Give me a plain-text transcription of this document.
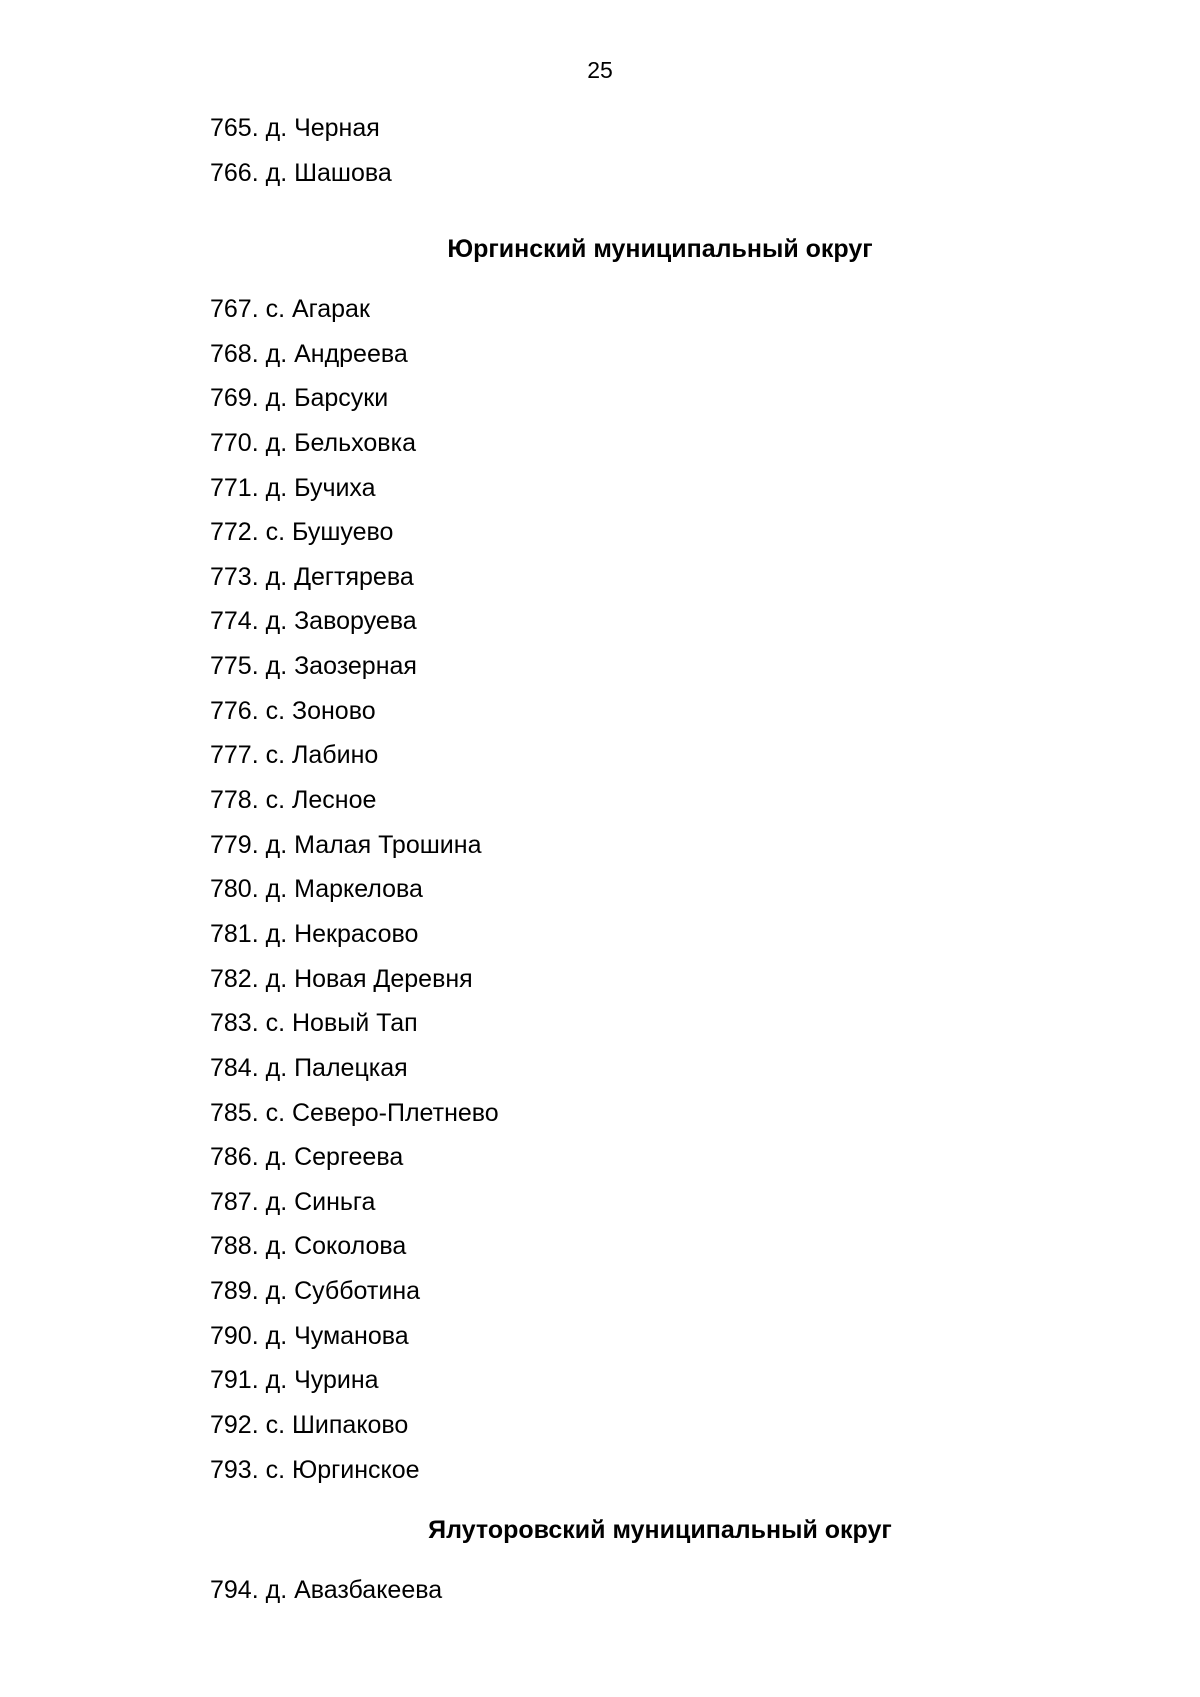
25
765. д. Черная
766. д. Шашова
Юргинский муниципальный округ
767. с. Агарак
768. д. Андреева
769. д. Барсуки
770. д. Бельховка
771. д. Бучиха
772. с. Бушуево
773. д. Дегтярева
774. д. Заворуева
775. д. Заозерная
776. с. Зоново
777. с. Лабино
778. с. Лесное
779. д. Малая Трошина
780. д. Маркелова
781. д. Некрасово
782. д. Новая Деревня
783. с. Новый Тап
784. д. Палецкая
785. с. Северо-Плетнево
786. д. Сергеева
787. д. Синьга
788. д. Соколова
789. д. Субботина
790. д. Чуманова
791. д. Чурина
792. с. Шипаково
793. с. Юргинское
Ялуторовский муниципальный округ
794. д. Авазбакеева
